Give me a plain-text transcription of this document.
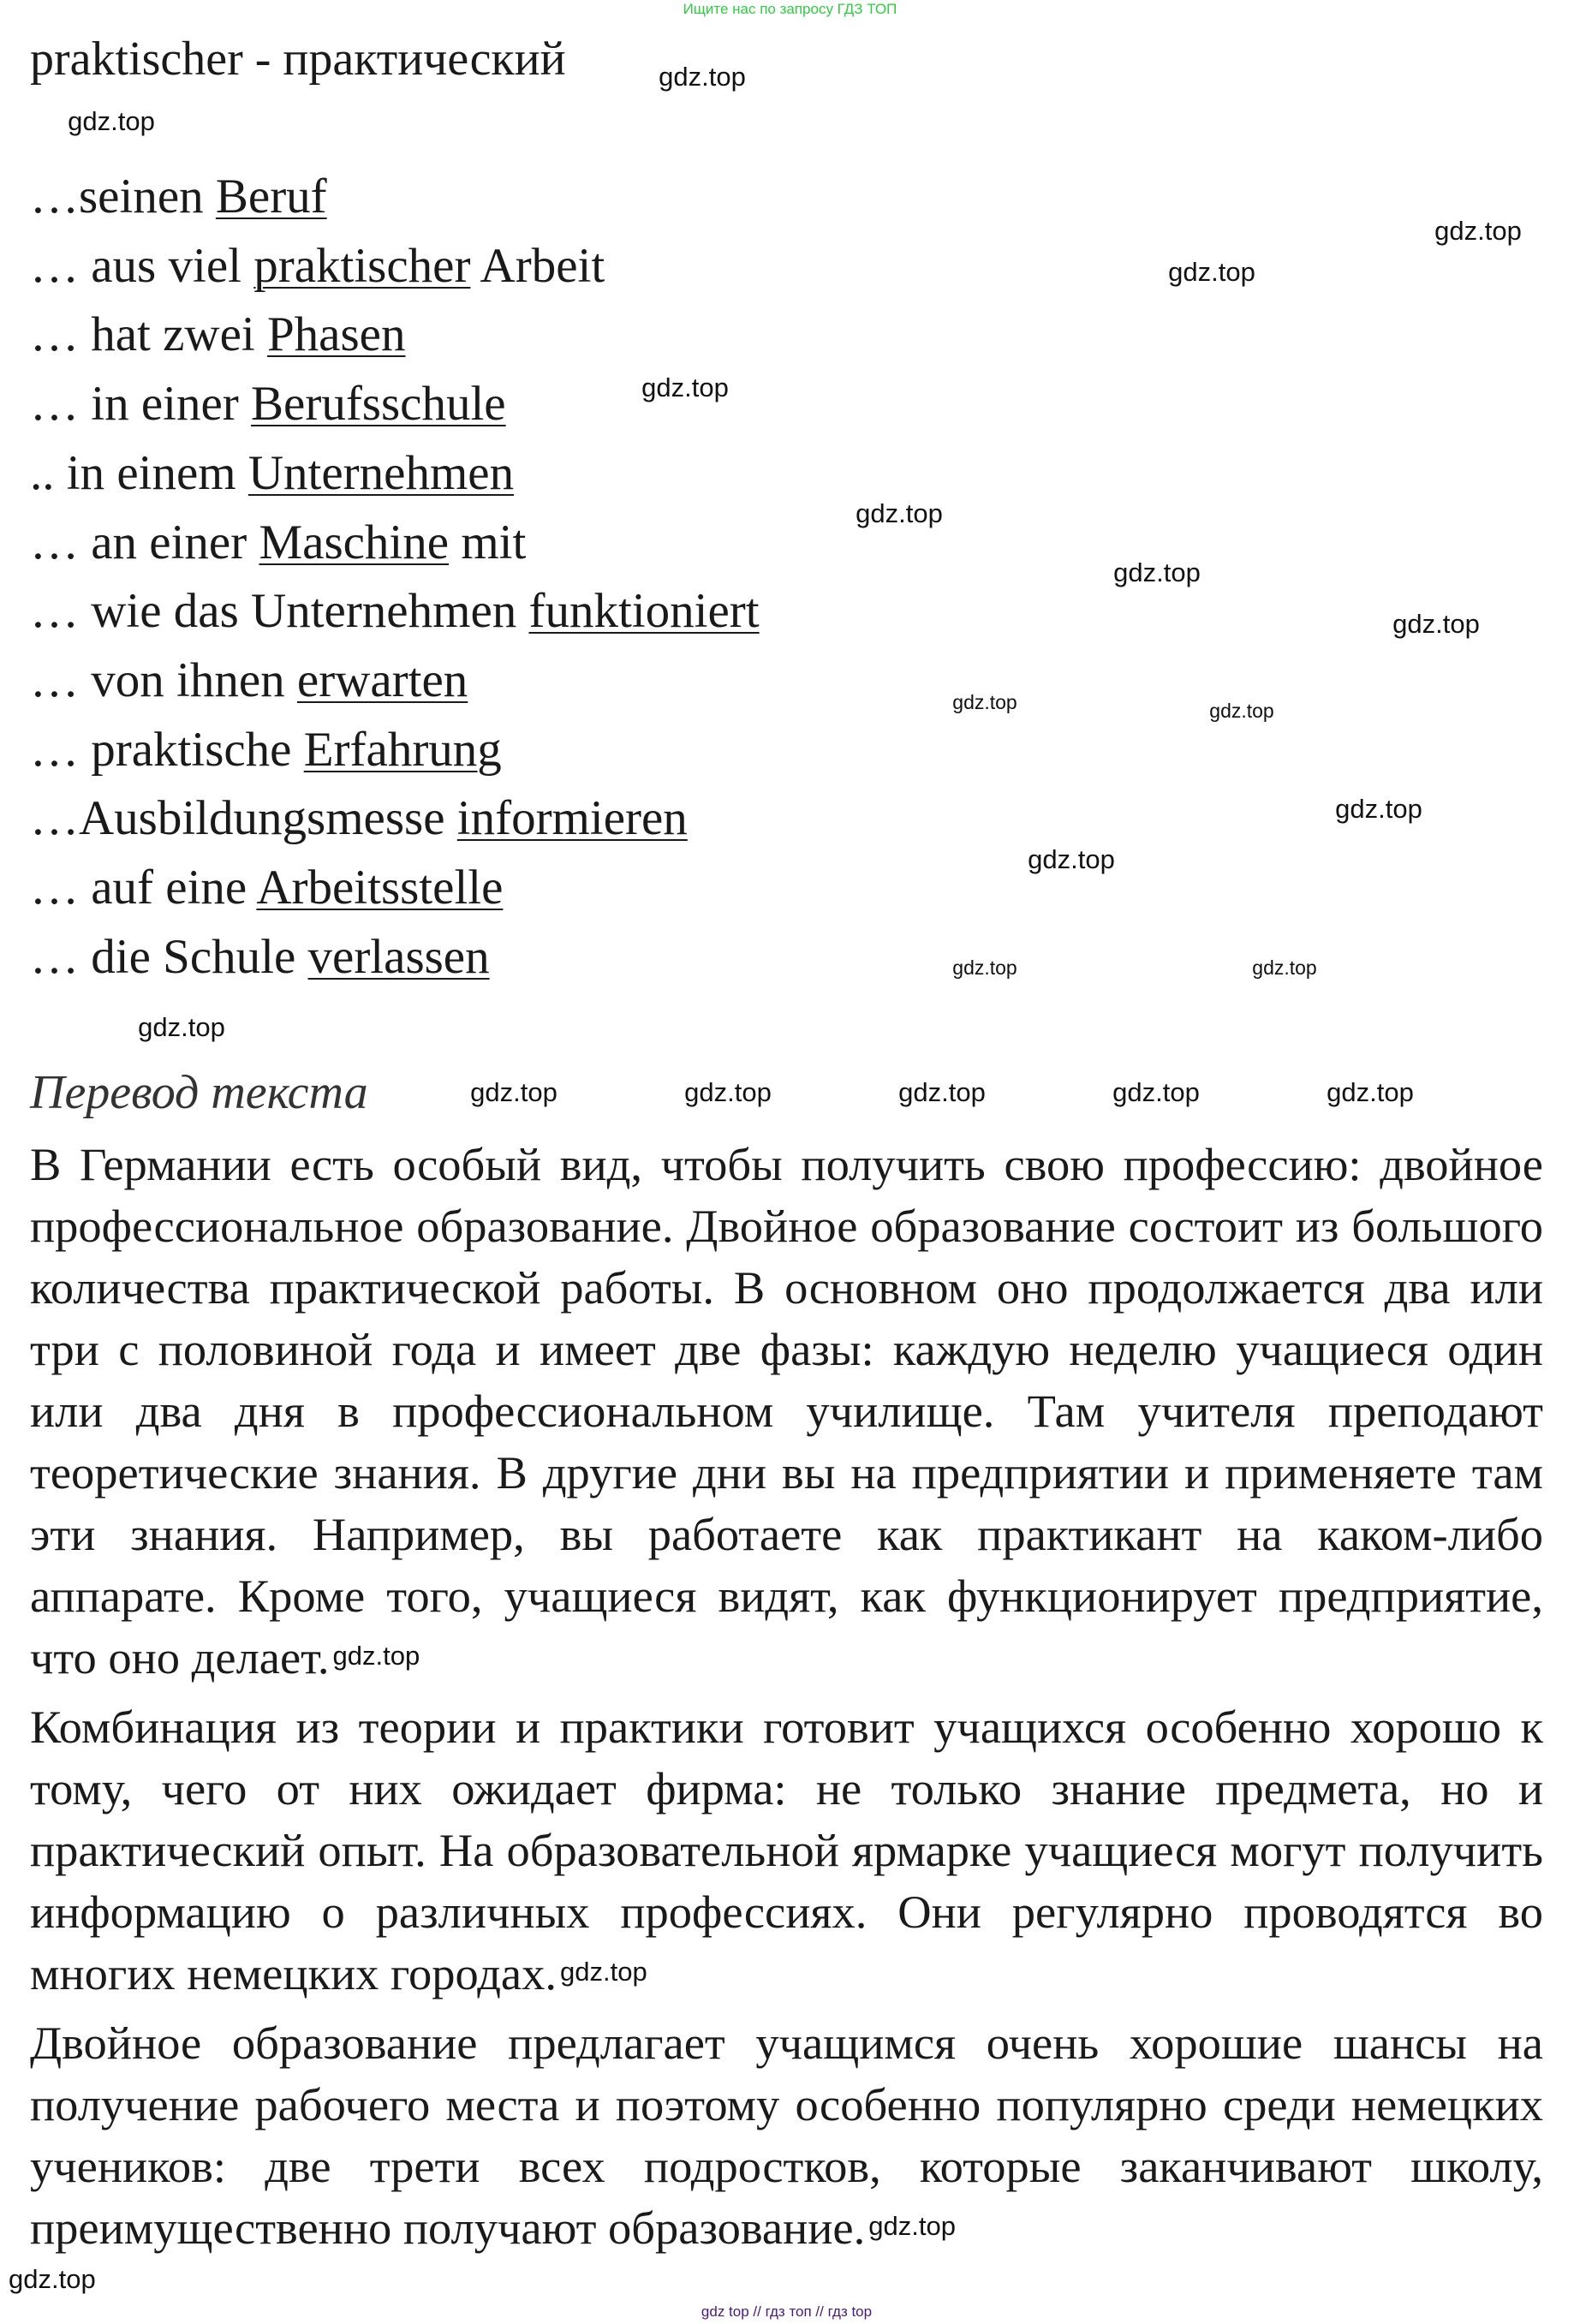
Ищите нас по запросу ГДЗ ТОП
praktischer - практический
…seinen Beruf
… aus viel praktischer Arbeit
… hat zwei Phasen
… in einer Berufsschule
.. in einem Unternehmen
… an einer Maschine mit
… wie das Unternehmen funktioniert
… von ihnen erwarten
… praktische Erfahrung
…Ausbildungsmesse informieren
… auf eine Arbeitsstelle
… die Schule verlassen
Перевод текста
В Германии есть особый вид, чтобы получить свою профессию: двойное профессиональное образование. Двойное образование состоит из большого количества практической работы. В основном оно продолжается два или три с половиной года и имеет две фазы: каждую неделю учащиеся один или два дня в профессиональном училище. Там учителя преподают теоретические знания. В другие дни вы на предприятии и применяете там эти знания. Например, вы работаете как практикант на каком-либо аппарате. Кроме того, учащиеся видят, как функционирует предприятие, что оно делает. gdz.top
Комбинация из теории и практики готовит учащихся особенно хорошо к тому, чего от них ожидает фирма: не только знание предмета, но и практический опыт. На образовательной ярмарке учащиеся могут получить информацию о различных профессиях. Они регулярно проводятся во многих немецких городах. gdz.top
Двойное образование предлагает учащимся очень хорошие шансы на получение рабочего места и поэтому особенно популярно среди немецких учеников: две трети всех подростков, которые заканчивают школу, преимущественно получают образование. gdz.top
gdz.top
gdz top // гдз топ // гдз top
gdz.top
gdz.top
gdz.top
gdz.top
gdz.top
gdz.top
gdz.top
gdz.top
gdz.top	gdz.top
gdz.top
gdz.top
gdz.top	gdz.top
gdz.top
gdz.top	gdz.top	gdz.top	gdz.top	gdz.top
